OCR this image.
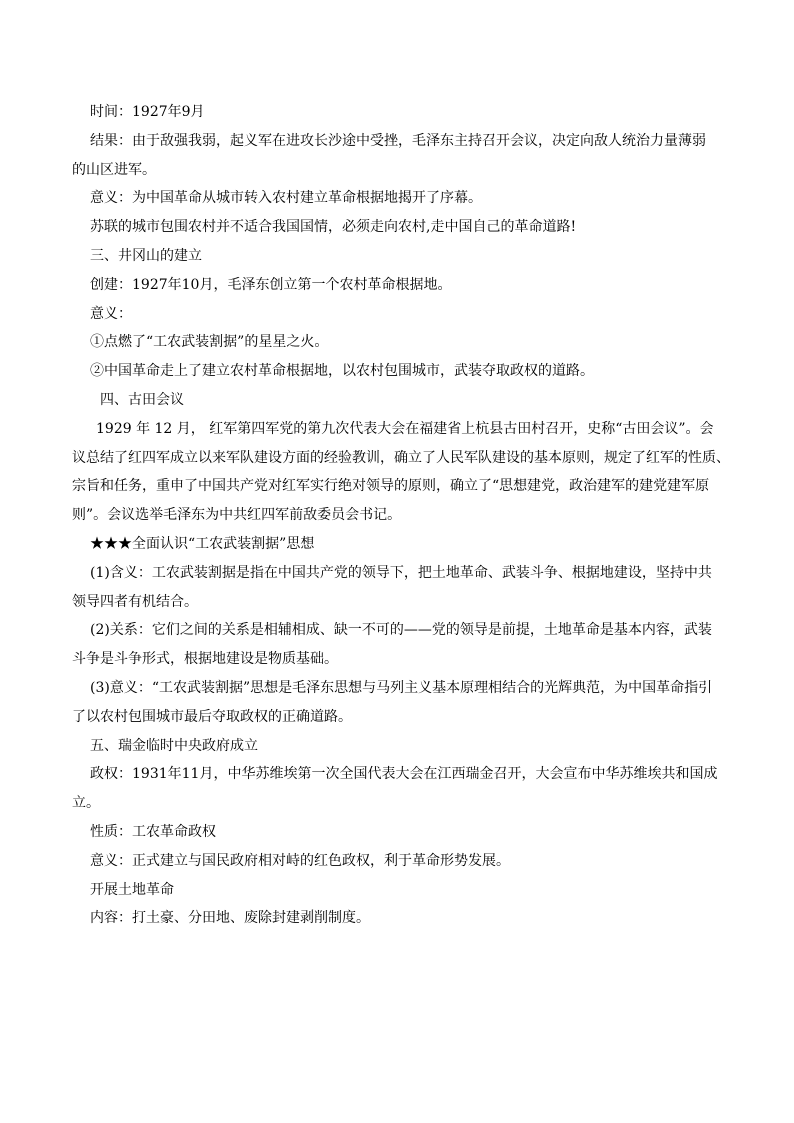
时间：1927年9月

结果：由于敌强我弱，起义军在进攻长沙途中受挫，毛泽东主持召开会议，决定向敌人统治力量薄弱

的山区进军。

意义：为中国革命从城市转入农村建立革命根据地揭开了序幕。

苏联的城市包围农村并不适合我国国情，必须走向农村,走中国自己的革命道路!

三、井冈山的建立

创建：1927年10月，毛泽东创立第一个农村革命根据地。

意义：

①点燃了“工农武装割据”的星星之火。

②中国革命走上了建立农村革命根据地，以农村包围城市，武装夺取政权的道路。

四、古田会议

1929 年 12 月， 红军第四军党的第九次代表大会在福建省上杭县古田村召开，史称“古田会议”。会

议总结了红四军成立以来军队建设方面的经验教训，确立了人民军队建设的基本原则，规定了红军的性质、

宗旨和任务，重申了中国共产党对红军实行绝对领导的原则，确立了“思想建党，政治建军的建党建军原

则”。会议选举毛泽东为中共红四军前敌委员会书记。

★★★全面认识“工农武装割据”思想

(1)含义：工农武装割据是指在中国共产党的领导下，把土地革命、武装斗争、根据地建设，坚持中共

领导四者有机结合。

(2)关系：它们之间的关系是相辅相成、缺一不可的——党的领导是前提，土地革命是基本内容，武装

斗争是斗争形式，根据地建设是物质基础。

(3)意义：“工农武装割据”思想是毛泽东思想与马列主义基本原理相结合的光辉典范，为中国革命指引

了以农村包围城市最后夺取政权的正确道路。

五、瑞金临时中央政府成立

政权：1931年11月，中华苏维埃第一次全国代表大会在江西瑞金召开，大会宣布中华苏维埃共和国成

立。

性质：工农革命政权

意义：正式建立与国民政府相对峙的红色政权，利于革命形势发展。

开展土地革命

内容：打土豪、分田地、废除封建剥削制度。
